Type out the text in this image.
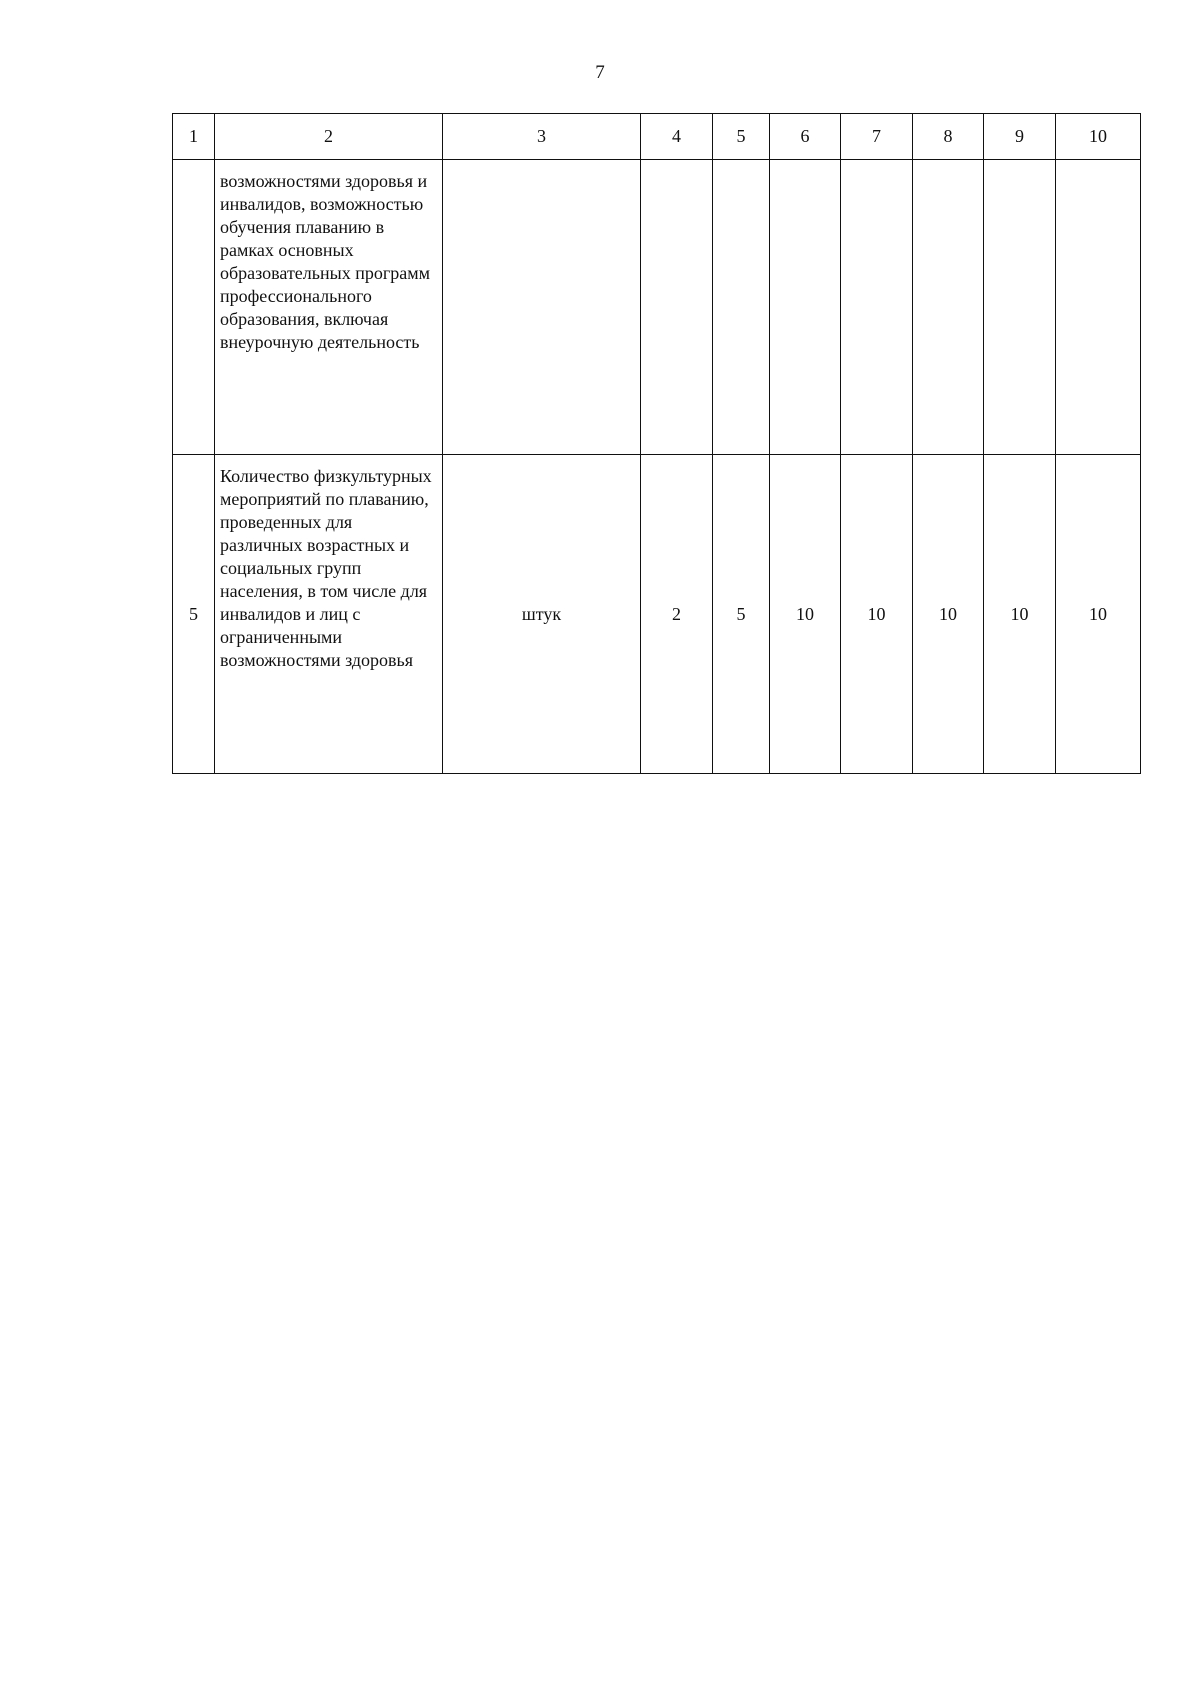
7
1	2	3	4	5	6	7	8	9	10
	возможностями здоровья и инвалидов, возможностью обучения плаванию в рамках основных образовательных программ профессионального образования, включая внеурочную деятельность								
5	Количество физкультурных мероприятий по плаванию, проведенных для различных возрастных и социальных групп населения, в том числе для инвалидов и лиц с ограниченными возможностями здоровья	штук	2	5	10	10	10	10	10
